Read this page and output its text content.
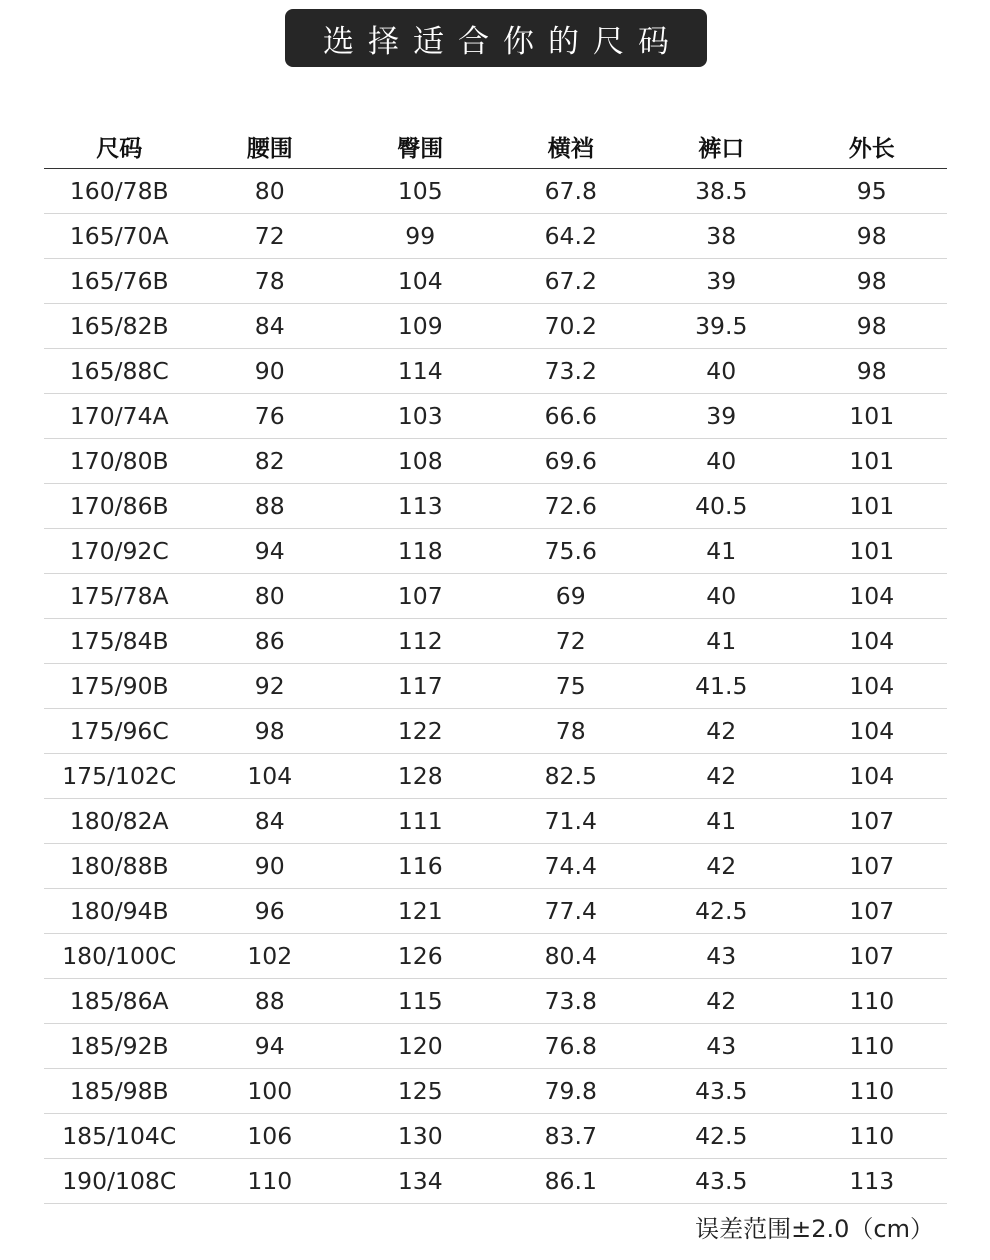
选择适合你的尺码
尺码	腰围	臀围	横裆	裤口	外长
160/78B	80	105	67.8	38.5	95
165/70A	72	99	64.2	38	98
165/76B	78	104	67.2	39	98
165/82B	84	109	70.2	39.5	98
165/88C	90	114	73.2	40	98
170/74A	76	103	66.6	39	101
170/80B	82	108	69.6	40	101
170/86B	88	113	72.6	40.5	101
170/92C	94	118	75.6	41	101
175/78A	80	107	69	40	104
175/84B	86	112	72	41	104
175/90B	92	117	75	41.5	104
175/96C	98	122	78	42	104
175/102C	104	128	82.5	42	104
180/82A	84	111	71.4	41	107
180/88B	90	116	74.4	42	107
180/94B	96	121	77.4	42.5	107
180/100C	102	126	80.4	43	107
185/86A	88	115	73.8	42	110
185/92B	94	120	76.8	43	110
185/98B	100	125	79.8	43.5	110
185/104C	106	130	83.7	42.5	110
190/108C	110	134	86.1	43.5	113
误差范围±2.0（cm）
